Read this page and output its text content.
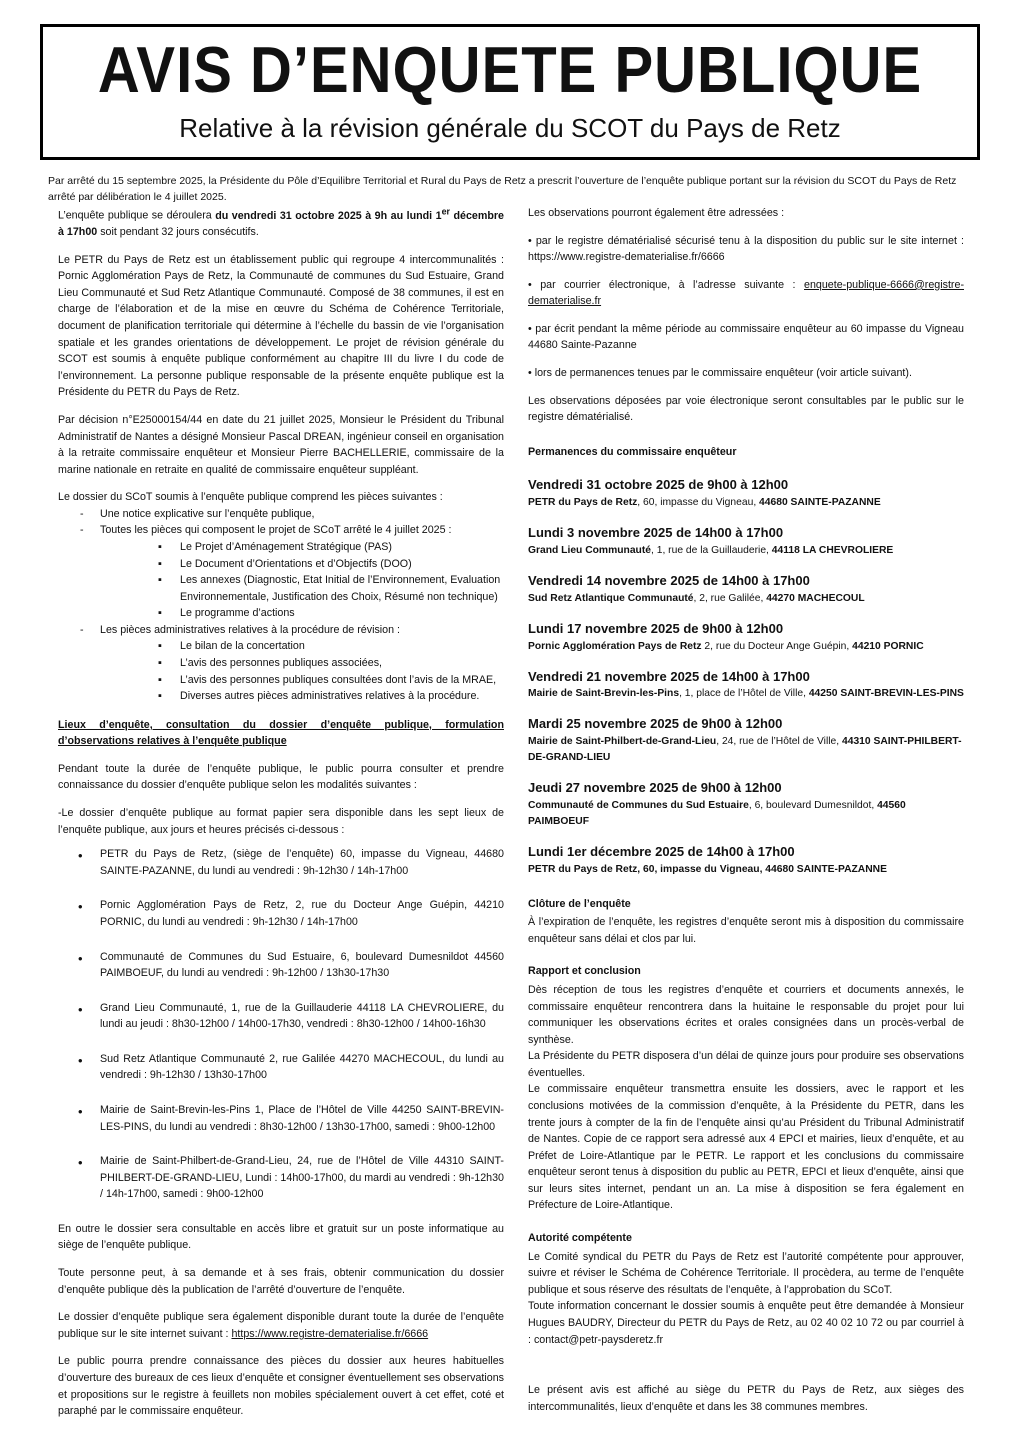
AVIS D’ENQUETE PUBLIQUE
Relative à la révision générale du SCOT du Pays de Retz

Par arrêté du 15 septembre 2025, la Présidente du Pôle d’Equilibre Territorial et Rural du Pays de Retz a prescrit l’ouverture de l’enquête publique portant sur la révision du SCOT du Pays de Retz arrêté par délibération le 4 juillet 2025.

L’enquête publique se déroulera du vendredi 31 octobre 2025 à 9h au lundi 1er décembre à 17h00 soit pendant 32 jours consécutifs.

Le PETR du Pays de Retz est un établissement public qui regroupe 4 intercommunalités : Pornic Agglomération Pays de Retz, la Communauté de communes du Sud Estuaire, Grand Lieu Communauté et Sud Retz Atlantique Communauté. Composé de 38 communes, il est en charge de l’élaboration et de la mise en œuvre du Schéma de Cohérence Territoriale, document de planification territoriale qui détermine à l’échelle du bassin de vie l’organisation spatiale et les grandes orientations de développement. Le projet de révision générale du SCOT est soumis à enquête publique conformément au chapitre III du livre I du code de l’environnement. La personne publique responsable de la présente enquête publique est la Présidente du PETR du Pays de Retz.

Par décision n°E25000154/44 en date du 21 juillet 2025, Monsieur le Président du Tribunal Administratif de Nantes a désigné Monsieur Pascal DREAN, ingénieur conseil en organisation à la retraite commissaire enquêteur et Monsieur Pierre BACHELLERIE, commissaire de la marine nationale en retraite en qualité de commissaire enquêteur suppléant.

Le dossier du SCoT soumis à l’enquête publique comprend les pièces suivantes :

- Une notice explicative sur l’enquête publique,
- Toutes les pièces qui composent le projet de SCoT arrêté le 4 juillet 2025 :
▪ Le Projet d’Aménagement Stratégique (PAS)
▪ Le Document d’Orientations et d’Objectifs (DOO)
▪ Les annexes (Diagnostic, Etat Initial de l’Environnement, Evaluation Environnementale, Justification des Choix, Résumé non technique)
▪ Le programme d’actions
- Les pièces administratives relatives à la procédure de révision :
▪ Le bilan de la concertation
▪ L’avis des personnes publiques associées,
▪ L’avis des personnes publiques consultées dont l’avis de la MRAE,
▪ Diverses autres pièces administratives relatives à la procédure.

Lieux d’enquête, consultation du dossier d’enquête publique, formulation d’observations relatives à l’enquête publique

Pendant toute la durée de l’enquête publique, le public pourra consulter et prendre connaissance du dossier d’enquête publique selon les modalités suivantes :

-Le dossier d’enquête publique au format papier sera disponible dans les sept lieux de l’enquête publique, aux jours et heures précisés ci-dessous :

• PETR du Pays de Retz, (siège de l’enquête) 60, impasse du Vigneau, 44680 SAINTE-PAZANNE, du lundi au vendredi : 9h-12h30 / 14h-17h00
• Pornic Agglomération Pays de Retz, 2, rue du Docteur Ange Guépin, 44210 PORNIC, du lundi au vendredi : 9h-12h30 / 14h-17h00
• Communauté de Communes du Sud Estuaire, 6, boulevard Dumesnildot 44560 PAIMBOEUF, du lundi au vendredi : 9h-12h00 / 13h30-17h30
• Grand Lieu Communauté, 1, rue de la Guillauderie 44118 LA CHEVROLIERE, du lundi au jeudi : 8h30-12h00 / 14h00-17h30, vendredi : 8h30-12h00 / 14h00-16h30
• Sud Retz Atlantique Communauté 2, rue Galilée 44270 MACHECOUL, du lundi au vendredi : 9h-12h30 / 13h30-17h00
• Mairie de Saint-Brevin-les-Pins 1, Place de l’Hôtel de Ville 44250 SAINT-BREVIN-LES-PINS, du lundi au vendredi : 8h30-12h00 / 13h30-17h00, samedi : 9h00-12h00
• Mairie de Saint-Philbert-de-Grand-Lieu, 24, rue de l’Hôtel de Ville 44310 SAINT-PHILBERT-DE-GRAND-LIEU, Lundi : 14h00-17h00, du mardi au vendredi : 9h-12h30 / 14h-17h00, samedi : 9h00-12h00

En outre le dossier sera consultable en accès libre et gratuit sur un poste informatique au siège de l’enquête publique.

Toute personne peut, à sa demande et à ses frais, obtenir communication du dossier d’enquête publique dès la publication de l’arrêté d’ouverture de l’enquête.

Le dossier d’enquête publique sera également disponible durant toute la durée de l’enquête publique sur le site internet suivant : https://www.registre-dematerialise.fr/6666

Le public pourra prendre connaissance des pièces du dossier aux heures habituelles d’ouverture des bureaux de ces lieux d’enquête et consigner éventuellement ses observations et propositions sur le registre à feuillets non mobiles spécialement ouvert à cet effet, coté et paraphé par le commissaire enquêteur.

Les observations pourront également être adressées :

• par le registre dématérialisé sécurisé tenu à la disposition du public sur le site internet : https://www.registre-dematerialise.fr/6666

• par courrier électronique, à l’adresse suivante : enquete-publique-6666@registre-dematerialise.fr

• par écrit pendant la même période au commissaire enquêteur au 60 impasse du Vigneau 44680 Sainte-Pazanne

• lors de permanences tenues par le commissaire enquêteur (voir article suivant).

Les observations déposées par voie électronique seront consultables par le public sur le registre dématérialisé.

Permanences du commissaire enquêteur

Vendredi 31 octobre 2025 de 9h00 à 12h00
PETR du Pays de Retz, 60, impasse du Vigneau, 44680 SAINTE-PAZANNE
Lundi 3 novembre 2025 de 14h00 à 17h00
Grand Lieu Communauté, 1, rue de la Guillauderie, 44118 LA CHEVROLIERE
Vendredi 14 novembre 2025 de 14h00 à 17h00
Sud Retz Atlantique Communauté, 2, rue Galilée, 44270 MACHECOUL
Lundi 17 novembre 2025 de 9h00 à 12h00
Pornic Agglomération Pays de Retz 2, rue du Docteur Ange Guépin, 44210 PORNIC
Vendredi 21 novembre 2025 de 14h00 à 17h00
Mairie de Saint-Brevin-les-Pins, 1, place de l’Hôtel de Ville, 44250 SAINT-BREVIN-LES-PINS
Mardi 25 novembre 2025 de 9h00 à 12h00
Mairie de Saint-Philbert-de-Grand-Lieu, 24, rue de l’Hôtel de Ville, 44310 SAINT-PHILBERT-DE-GRAND-LIEU
Jeudi 27 novembre 2025 de 9h00 à 12h00
Communauté de Communes du Sud Estuaire, 6, boulevard Dumesnildot, 44560 PAIMBOEUF
Lundi 1er décembre 2025 de 14h00 à 17h00
PETR du Pays de Retz, 60, impasse du Vigneau, 44680 SAINTE-PAZANNE
Clôture de l’enquête

À l’expiration de l’enquête, les registres d’enquête seront mis à disposition du commissaire enquêteur sans délai et clos par lui.

Rapport et conclusion

Dès réception de tous les registres d’enquête et courriers et documents annexés, le commissaire enquêteur rencontrera dans la huitaine le responsable du projet pour lui communiquer les observations écrites et orales consignées dans un procès-verbal de synthèse.

La Présidente du PETR disposera d’un délai de quinze jours pour produire ses observations éventuelles.

Le commissaire enquêteur transmettra ensuite les dossiers, avec le rapport et les conclusions motivées de la commission d’enquête, à la Présidente du PETR, dans les trente jours à compter de la fin de l’enquête ainsi qu’au Président du Tribunal Administratif de Nantes. Copie de ce rapport sera adressé aux 4 EPCI et mairies, lieux d’enquête, et au Préfet de Loire-Atlantique par le PETR. Le rapport et les conclusions du commissaire enquêteur seront tenus à disposition du public au PETR, EPCI et lieux d’enquête, ainsi que sur leurs sites internet, pendant un an. La mise à disposition se fera également en Préfecture de Loire-Atlantique.

Autorité compétente

Le Comité syndical du PETR du Pays de Retz est l’autorité compétente pour approuver, suivre et réviser le Schéma de Cohérence Territoriale. Il procèdera, au terme de l’enquête publique et sous réserve des résultats de l’enquête, à l’approbation du SCoT.

Toute information concernant le dossier soumis à enquête peut être demandée à Monsieur Hugues BAUDRY, Directeur du PETR du Pays de Retz, au 02 40 02 10 72 ou par courriel à : contact@petr-paysderetz.fr

Le présent avis est affiché au siège du PETR du Pays de Retz, aux sièges des intercommunalités, lieux d’enquête et dans les 38 communes membres.
